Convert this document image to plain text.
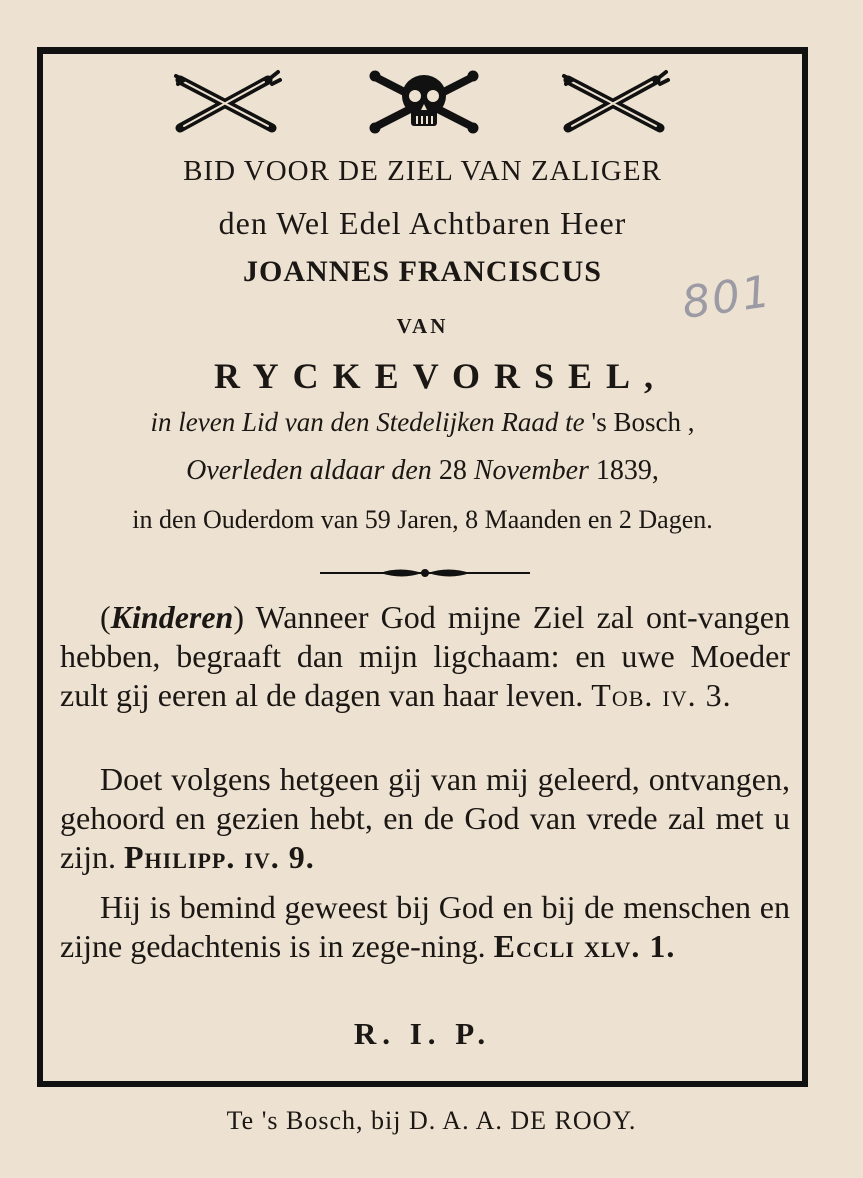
BID VOOR DE ZIEL VAN ZALIGER
den Wel Edel Achtbaren Heer
JOANNES FRANCISCUS
VAN
RYCKEVORSEL,
in leven Lid van den Stedelijken Raad te 's Bosch ,
Overleden aldaar den 28 November 1839,
in den Ouderdom van 59 Jaren, 8 Maanden en 2 Dagen.
801
(Kinderen) Wanneer God mijne Ziel zal ont-vangen hebben, begraaft dan mijn ligchaam: en uwe Moeder zult gij eeren al de dagen van haar leven. Tob. iv. 3.
Doet volgens hetgeen gij van mij geleerd, ontvangen, gehoord en gezien hebt, en de God van vrede zal met u zijn. Philipp. iv. 9.
Hij is bemind geweest bij God en bij de menschen en zijne gedachtenis is in zege-ning. Eccli xlv. 1.
R. I. P.
Te 's Bosch, bij D. A. A. DE ROOY.
